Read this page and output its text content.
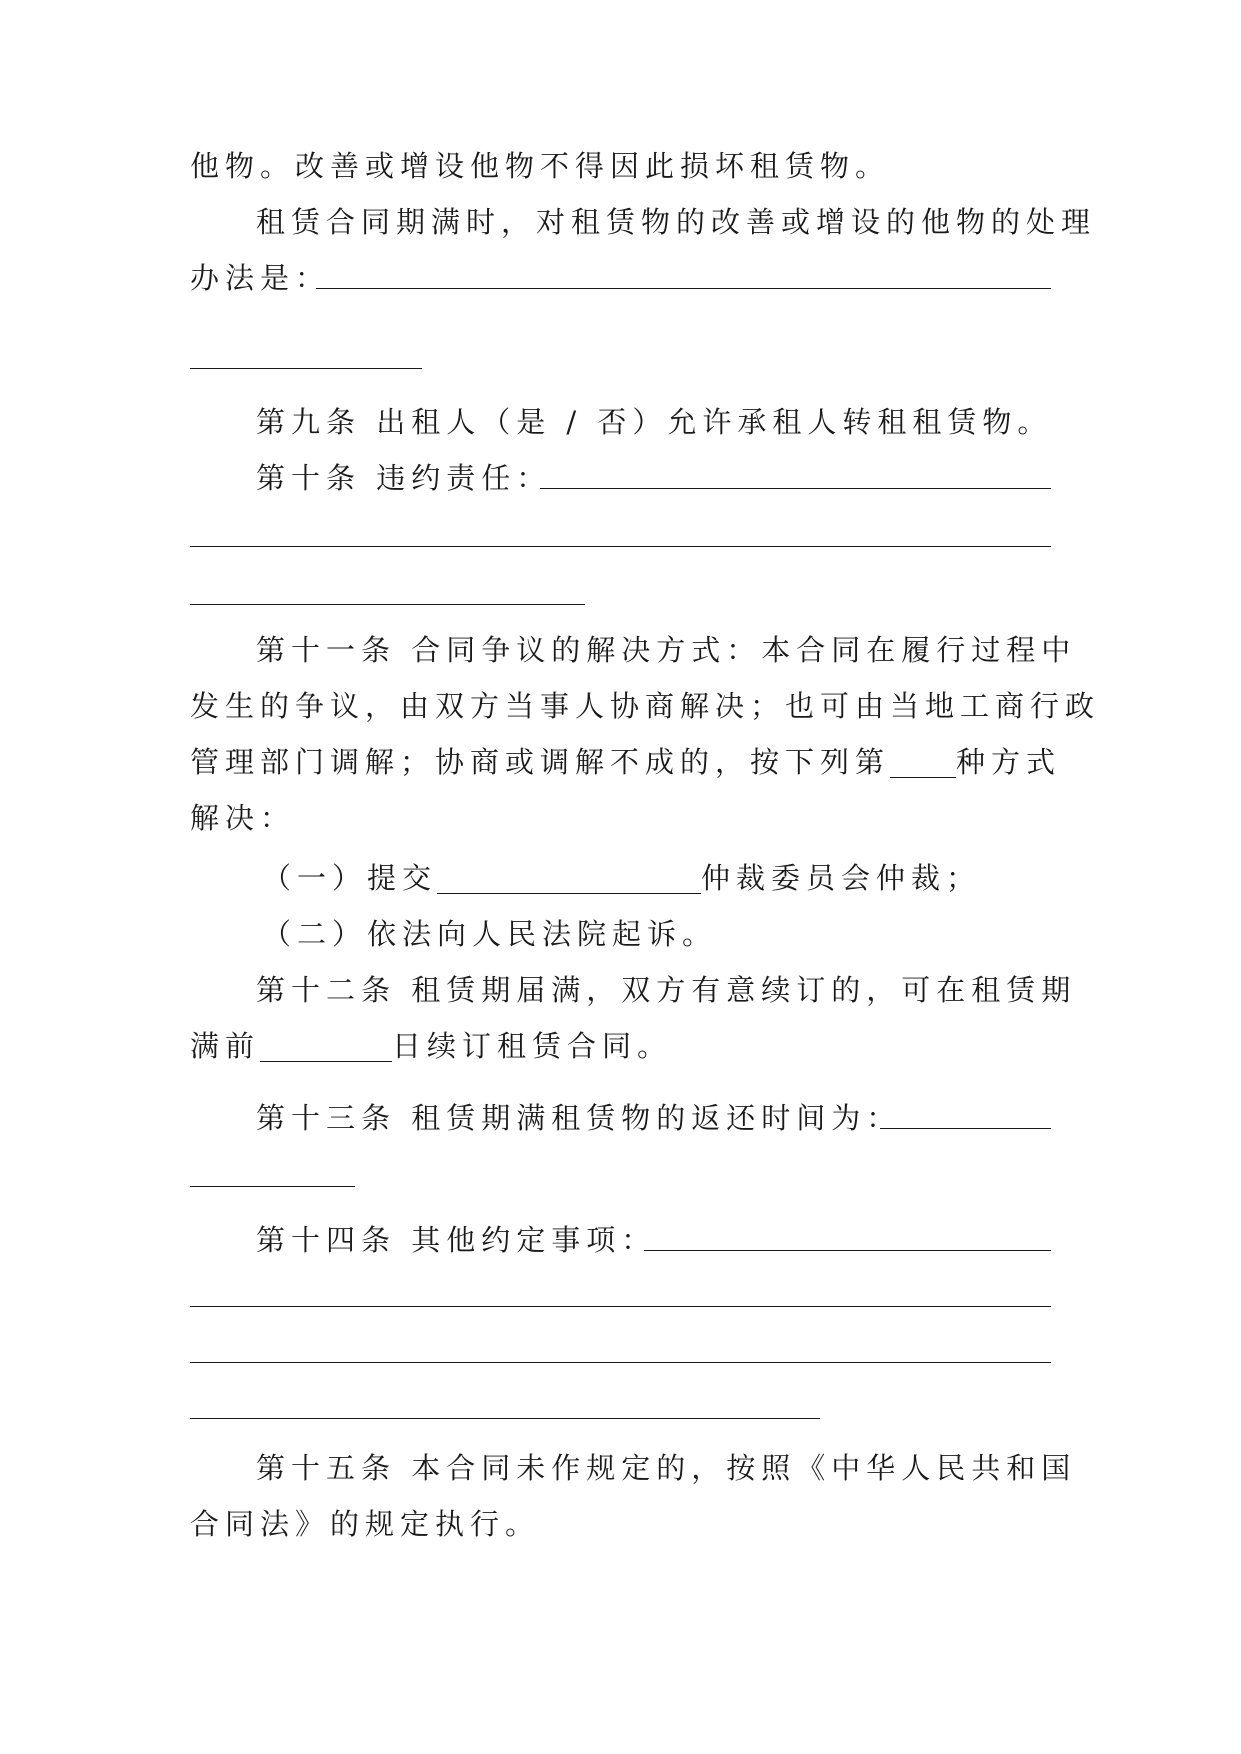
他物。改善或增设他物不得因此损坏租赁物。
租赁合同期满时，对租赁物的改善或增设的他物的处理
办法是：
第九条 出租人（是 / 否）允许承租人转租租赁物。
第十条 违约责任：
第十一条 合同争议的解决方式：本合同在履行过程中
发生的争议，由双方当事人协商解决；也可由当地工商行政
管理部门调解；协商或调解不成的，按下列第 种方式
解决：
（一）提交	仲裁委员会仲裁；
（二）依法向人民法院起诉。
第十二条 租赁期届满，双方有意续订的，可在租赁期
满前	日续订租赁合同。
第十三条 租赁期满租赁物的返还时间为：
第十四条 其他约定事项：
第十五条 本合同未作规定的，按照《中华人民共和国
合同法》的规定执行。
